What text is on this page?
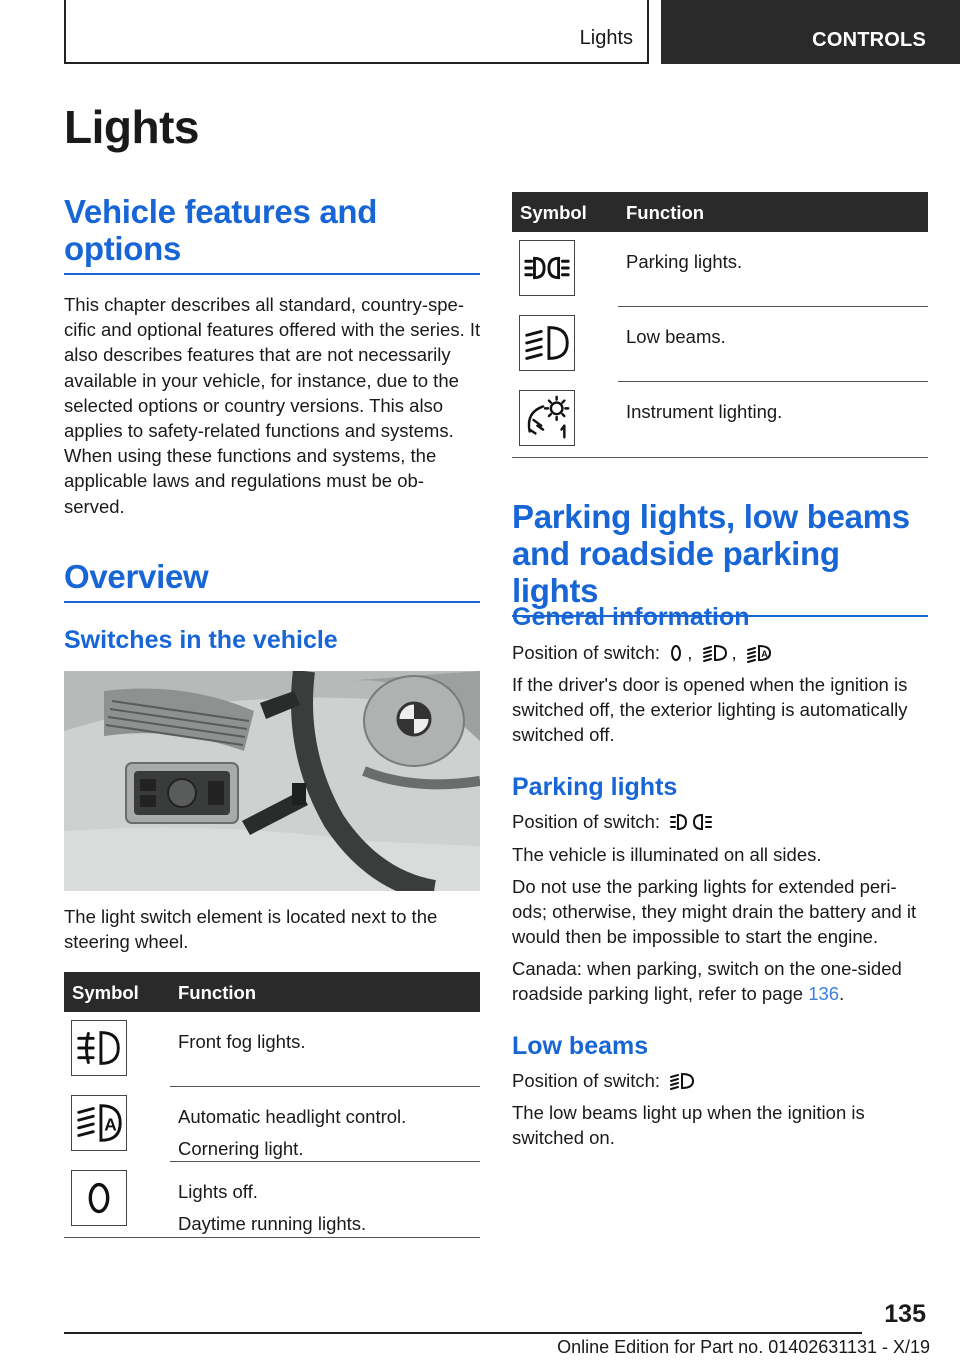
Lights	CONTROLS
Lights
Vehicle features and options
This chapter describes all standard, country-spe-cific and optional features offered with the series. It also describes features that are not necessarily available in your vehicle, for instance, due to the selected options or country versions. This also applies to safety-related functions and systems. When using these functions and systems, the applicable laws and regulations must be ob-served.
Overview
Switches in the vehicle
The light switch element is located next to the steering wheel.
Symbol Function
Front fog lights.
A	Automatic headlight control.
Cornering light.
Lights off.
Daytime running lights.
Symbol Function
Parking lights.
Low beams.
Instrument lighting.
Parking lights, low beams and roadside parking lights
General information
Position of switch: , , A
If the driver's door is opened when the ignition is switched off, the exterior lighting is automatically switched off.
Parking lights
Position of switch:
The vehicle is illuminated on all sides.
Do not use the parking lights for extended peri-ods; otherwise, they might drain the battery and it would then be impossible to start the engine.
Canada: when parking, switch on the one-sided roadside parking light, refer to page 136.
Low beams
Position of switch:
The low beams light up when the ignition is switched on.
135
Online Edition for Part no. 01402631131 - X/19
